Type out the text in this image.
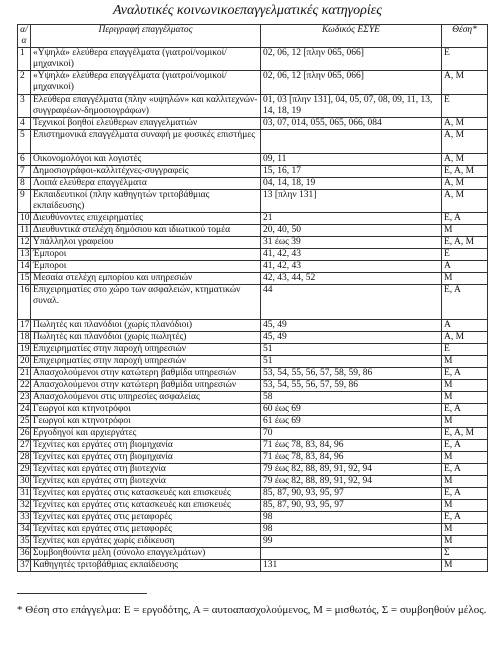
Αναλυτικές κοινωνικοεπαγγελματικές κατηγορίες
α/α	Περιγραφή επαγγέλματος	Κωδικός ΕΣΥΕ	Θέση*
1	«Υψηλά» ελεύθερα επαγγέλματα (γιατροί/νομικοί/μηχανικοί)	02, 06, 12 [πλην 065, 066]	Ε
2	«Υψηλά» ελεύθερα επαγγέλματα (γιατροί/νομικοί/μηχανικοί)	02, 06, 12 [πλην 065, 066]	Α, Μ
3	Ελεύθερα επαγγέλματα (πλην «υψηλών» και καλλιτεχνών-συγγραφέων-δημοσιογράφων)	01, 03 [πλην 131], 04, 05, 07, 08, 09, 11, 13, 14, 18, 19	Ε
4	Τεχνικοί βοηθοί ελεύθερων επαγγελματιών	03, 07, 014, 055, 065, 066, 084	Α, Μ
5	Επιστημονικά επαγγέλματα συναφή με φυσικές επιστήμες		Α, Μ
6	Οικονομολόγοι και λογιστές	09, 11	Α, Μ
7	Δημοσιογράφοι-καλλιτέχνες-συγγραφείς	15, 16, 17	Ε, Α, Μ
8	Λοιπά ελεύθερα επαγγέλματα	04, 14, 18, 19	Α, Μ
9	Εκπαιδευτικοί (πλην καθηγητών τριτοβάθμιας εκπαίδευσης)	13 [πλην 131]	Α, Μ
10	Διευθύνοντες επιχειρηματίες	21	Ε, Α
11	Διευθυντικά στελέχη δημόσιου και ιδιωτικού τομέα	20, 40, 50	Μ
12	Υπάλληλοι γραφείου	31 έως 39	Ε, Α, Μ
13	Έμποροι	41, 42, 43	Ε
14	Έμποροι	41, 42, 43	Α
15	Μεσαία στελέχη εμπορίου και υπηρεσιών	42, 43, 44, 52	Μ
16	Επιχειρηματίες στο χώρο των ασφαλειών, κτηματικών συναλ.	44	Ε, Α
17	Πωλητές και πλανόδιοι (χωρίς πλανόδιοι)	45, 49	Α
18	Πωλητές και πλανόδιοι (χωρίς πωλητές)	45, 49	Α, Μ
19	Επιχειρηματίες στην παροχή υπηρεσιών	51	Ε
20	Επιχειρηματίες στην παροχή υπηρεσιών	51	Μ
21	Απασχολούμενοι στην κατώτερη βαθμίδα υπηρεσιών	53, 54, 55, 56, 57, 58, 59, 86	Ε, Α
22	Απασχολούμενοι στην κατώτερη βαθμίδα υπηρεσιών	53, 54, 55, 56, 57, 59, 86	Μ
23	Απασχολούμενοι στις υπηρεσίες ασφαλείας	58	Μ
24	Γεωργοί και κτηνοτρόφοι	60 έως 69	Ε, Α
25	Γεωργοί και κτηνοτρόφοι	61 έως 69	Μ
26	Εργοδηγοί και αρχιεργάτες	70	Ε, Α, Μ
27	Τεχνίτες και εργάτες στη βιομηχανία	71 έως 78, 83, 84, 96	Ε, Α
28	Τεχνίτες και εργάτες στη βιομηχανία	71 έως 78, 83, 84, 96	Μ
29	Τεχνίτες και εργάτες στη βιοτεχνία	79 έως 82, 88, 89, 91, 92, 94	Ε, Α
30	Τεχνίτες και εργάτες στη βιοτεχνία	79 έως 82, 88, 89, 91, 92, 94	Μ
31	Τεχνίτες και εργάτες στις κατασκευές και επισκευές	85, 87, 90, 93, 95, 97	Ε, Α
32	Τεχνίτες και εργάτες στις κατασκευές και επισκευές	85, 87, 90, 93, 95, 97	Μ
33	Τεχνίτες και εργάτες στις μεταφορές	98	Ε, Α
34	Τεχνίτες και εργάτες στις μεταφορές	98	Μ
35	Τεχνίτες και εργάτες χωρίς ειδίκευση	99	Μ
36	Συμβοηθούντα μέλη (σύνολο επαγγελμάτων)		Σ
37	Καθηγητές τριτοβάθμιας εκπαίδευσης	131	Μ
* Θέση στο επάγγελμα: Ε = εργοδότης, Α = αυτοαπασχολούμενος, Μ = μισθωτός, Σ = συμβοηθούν μέλος.
